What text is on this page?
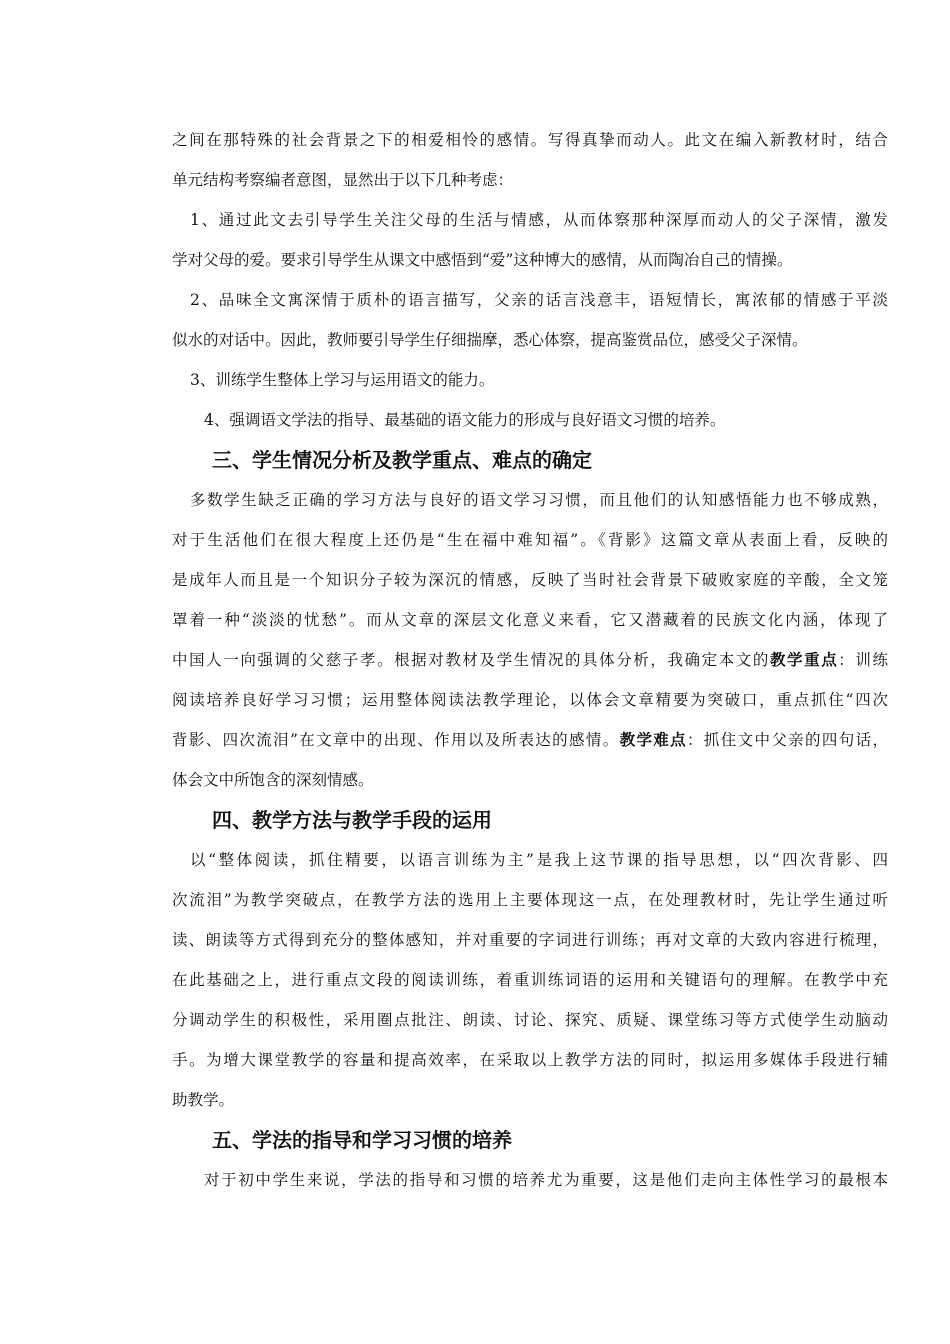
之间在那特殊的社会背景之下的相爱相怜的感情。写得真挚而动人。此文在编入新教材时，结合
单元结构考察编者意图，显然出于以下几种考虑：
1、通过此文去引导学生关注父母的生活与情感，从而体察那种深厚而动人的父子深情，激发
学对父母的爱。要求引导学生从课文中感悟到“爱”这种博大的感情，从而陶冶自己的情操。
2、品味全文寓深情于质朴的语言描写，父亲的话言浅意丰，语短情长，寓浓郁的情感于平淡
似水的对话中。因此，教师要引导学生仔细揣摩，悉心体察，提高鉴赏品位，感受父子深情。
3、训练学生整体上学习与运用语文的能力。
4、强调语文学法的指导、最基础的语文能力的形成与良好语文习惯的培养。
三、学生情况分析及教学重点、难点的确定
多数学生缺乏正确的学习方法与良好的语文学习习惯，而且他们的认知感悟能力也不够成熟，
对于生活他们在很大程度上还仍是“生在福中难知福”。《背影》这篇文章从表面上看，反映的
是成年人而且是一个知识分子较为深沉的情感，反映了当时社会背景下破败家庭的辛酸，全文笼
罩着一种“淡淡的忧愁”。而从文章的深层文化意义来看，它又潜藏着的民族文化内涵，体现了
中国人一向强调的父慈子孝。根据对教材及学生情况的具体分析，我确定本文的教学重点：训练
阅读培养良好学习习惯；运用整体阅读法教学理论，以体会文章精要为突破口，重点抓住“四次
背影、四次流泪”在文章中的出现、作用以及所表达的感情。教学难点：抓住文中父亲的四句话，
体会文中所饱含的深刻情感。
四、教学方法与教学手段的运用
以“整体阅读，抓住精要，以语言训练为主”是我上这节课的指导思想，以“四次背影、四
次流泪”为教学突破点，在教学方法的选用上主要体现这一点，在处理教材时，先让学生通过听
读、朗读等方式得到充分的整体感知，并对重要的字词进行训练；再对文章的大致内容进行梳理，
在此基础之上，进行重点文段的阅读训练，着重训练词语的运用和关键语句的理解。在教学中充
分调动学生的积极性，采用圈点批注、朗读、讨论、探究、质疑、课堂练习等方式使学生动脑动
手。为增大课堂教学的容量和提高效率，在采取以上教学方法的同时，拟运用多媒体手段进行辅
助教学。
五、学法的指导和学习习惯的培养
对于初中学生来说，学法的指导和习惯的培养尤为重要，这是他们走向主体性学习的最根本
